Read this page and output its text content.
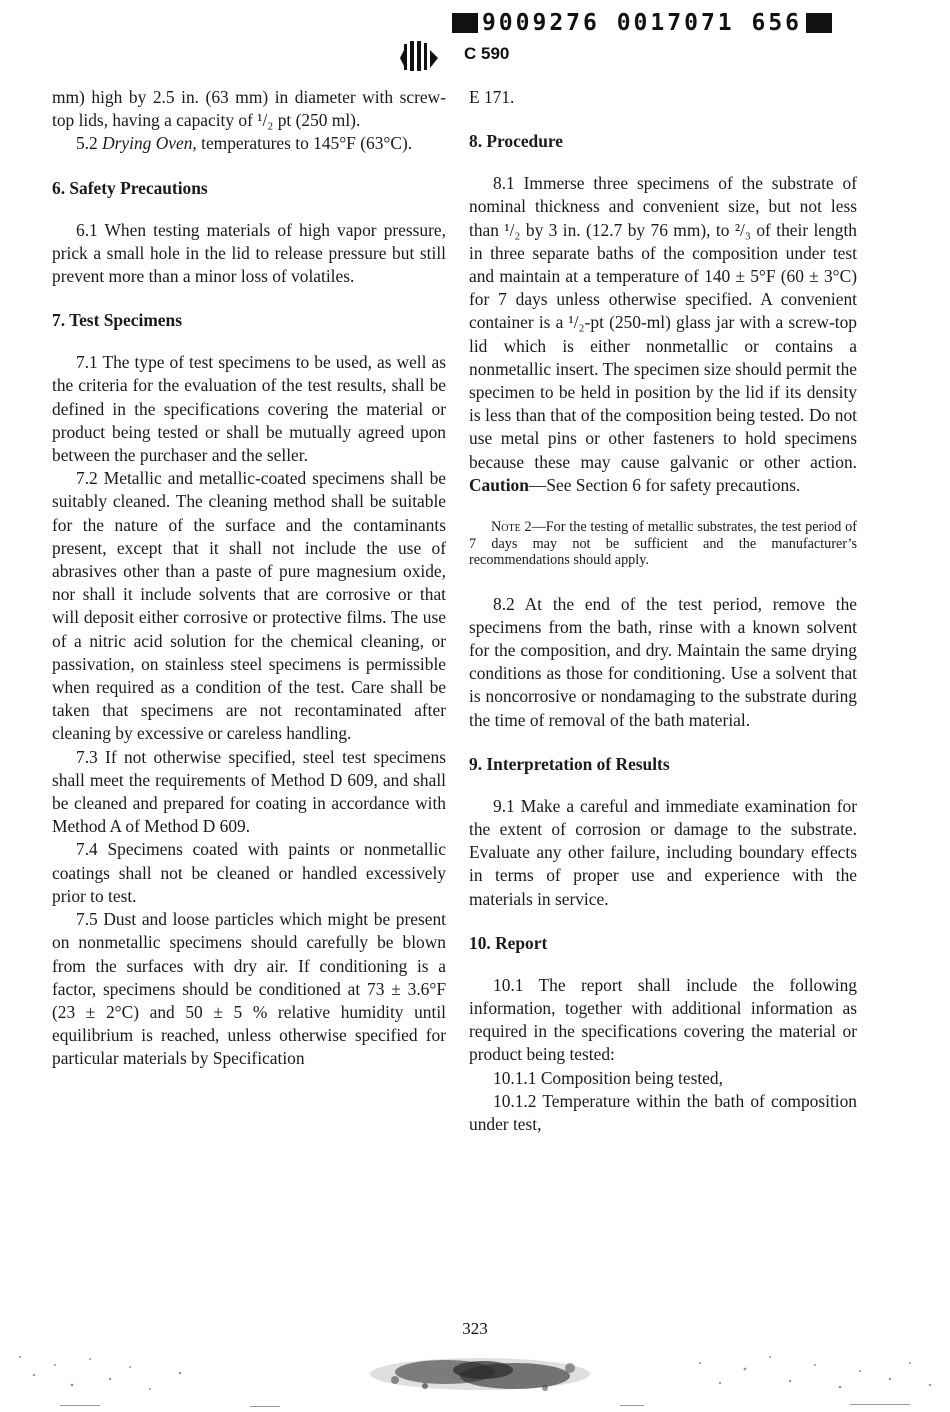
9009276 0017071 656
C 590

mm) high by 2.5 in. (63 mm) in diameter with screw-top lids, having a capacity of ¹/₂ pt (250 ml).

5.2 Drying Oven, temperatures to 145°F (63°C).

6. Safety Precautions

6.1 When testing materials of high vapor pressure, prick a small hole in the lid to release pressure but still prevent more than a minor loss of volatiles.

7. Test Specimens

7.1 The type of test specimens to be used, as well as the criteria for the evaluation of the test results, shall be defined in the specifications covering the material or product being tested or shall be mutually agreed upon between the purchaser and the seller.

7.2 Metallic and metallic-coated specimens shall be suitably cleaned. The cleaning method shall be suitable for the nature of the surface and the contaminants present, except that it shall not include the use of abrasives other than a paste of pure magnesium oxide, nor shall it include solvents that are corrosive or that will deposit either corrosive or protective films. The use of a nitric acid solution for the chemical cleaning, or passivation, on stainless steel specimens is permissible when required as a condition of the test. Care shall be taken that specimens are not recontaminated after cleaning by excessive or careless handling.

7.3 If not otherwise specified, steel test specimens shall meet the requirements of Method D 609, and shall be cleaned and prepared for coating in accordance with Method A of Method D 609.

7.4 Specimens coated with paints or nonmetallic coatings shall not be cleaned or handled excessively prior to test.

7.5 Dust and loose particles which might be present on nonmetallic specimens should carefully be blown from the surfaces with dry air. If conditioning is a factor, specimens should be conditioned at 73 ± 3.6°F (23 ± 2°C) and 50 ± 5 % relative humidity until equilibrium is reached, unless otherwise specified for particular materials by Specification

E 171.

8. Procedure

8.1 Immerse three specimens of the substrate of nominal thickness and convenient size, but not less than ¹/₂ by 3 in. (12.7 by 76 mm), to ²/₃ of their length in three separate baths of the composition under test and maintain at a temperature of 140 ± 5°F (60 ± 3°C) for 7 days unless otherwise specified. A convenient container is a ¹/₂-pt (250-ml) glass jar with a screw-top lid which is either nonmetallic or contains a nonmetallic insert. The specimen size should permit the specimen to be held in position by the lid if its density is less than that of the composition being tested. Do not use metal pins or other fasteners to hold specimens because these may cause galvanic or other action. Caution—See Section 6 for safety precautions.

Note 2—For the testing of metallic substrates, the test period of 7 days may not be sufficient and the manufacturer’s recommendations should apply.

8.2 At the end of the test period, remove the specimens from the bath, rinse with a known solvent for the composition, and dry. Maintain the same drying conditions as those for conditioning. Use a solvent that is noncorrosive or nondamaging to the substrate during the time of removal of the bath material.

9. Interpretation of Results

9.1 Make a careful and immediate examination for the extent of corrosion or damage to the substrate. Evaluate any other failure, including boundary effects in terms of proper use and experience with the materials in service.

10. Report

10.1 The report shall include the following information, together with additional information as required in the specifications covering the material or product being tested:

10.1.1 Composition being tested,

10.1.2 Temperature within the bath of composition under test,

323
